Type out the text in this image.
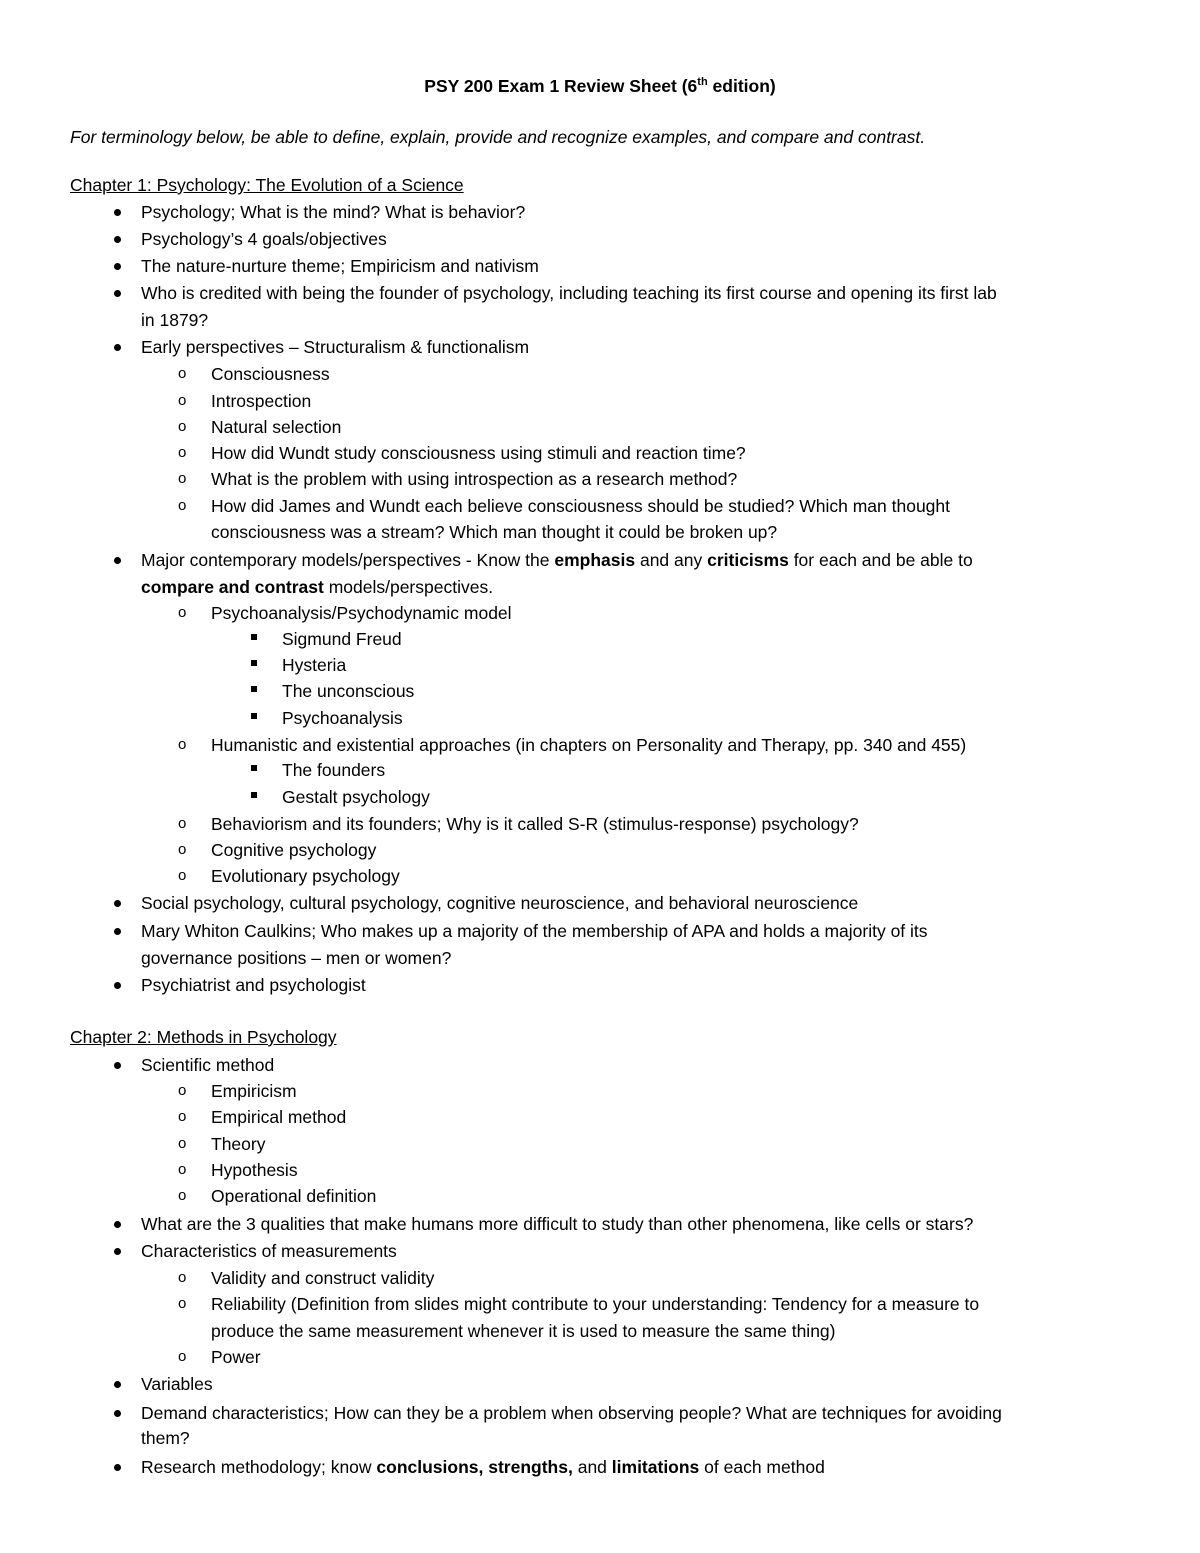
PSY 200 Exam 1 Review Sheet (6th edition)
For terminology below, be able to define, explain, provide and recognize examples, and compare and contrast.
Chapter 1: Psychology: The Evolution of a Science
Psychology; What is the mind? What is behavior?
Psychology’s 4 goals/objectives
The nature-nurture theme; Empiricism and nativism
Who is credited with being the founder of psychology, including teaching its first course and opening its first lab
in 1879?
Early perspectives – Structuralism & functionalism
o Consciousness
o Introspection
o Natural selection
o How did Wundt study consciousness using stimuli and reaction time?
o What is the problem with using introspection as a research method?
o How did James and Wundt each believe consciousness should be studied? Which man thought
consciousness was a stream? Which man thought it could be broken up?
Major contemporary models/perspectives - Know the emphasis and any criticisms for each and be able to
compare and contrast models/perspectives.
o Psychoanalysis/Psychodynamic model
Sigmund Freud
Hysteria
The unconscious
Psychoanalysis
o Humanistic and existential approaches (in chapters on Personality and Therapy, pp. 340 and 455)
The founders
Gestalt psychology
o Behaviorism and its founders; Why is it called S-R (stimulus-response) psychology?
o Cognitive psychology
o Evolutionary psychology
Social psychology, cultural psychology, cognitive neuroscience, and behavioral neuroscience
Mary Whiton Caulkins; Who makes up a majority of the membership of APA and holds a majority of its
governance positions – men or women?
Psychiatrist and psychologist
Chapter 2: Methods in Psychology
Scientific method
o Empiricism
o Empirical method
o Theory
o Hypothesis
o Operational definition
What are the 3 qualities that make humans more difficult to study than other phenomena, like cells or stars?
Characteristics of measurements
o Validity and construct validity
o Reliability (Definition from slides might contribute to your understanding: Tendency for a measure to
produce the same measurement whenever it is used to measure the same thing)
o Power
Variables
Demand characteristics; How can they be a problem when observing people? What are techniques for avoiding
them?
Research methodology; know conclusions, strengths, and limitations of each method
